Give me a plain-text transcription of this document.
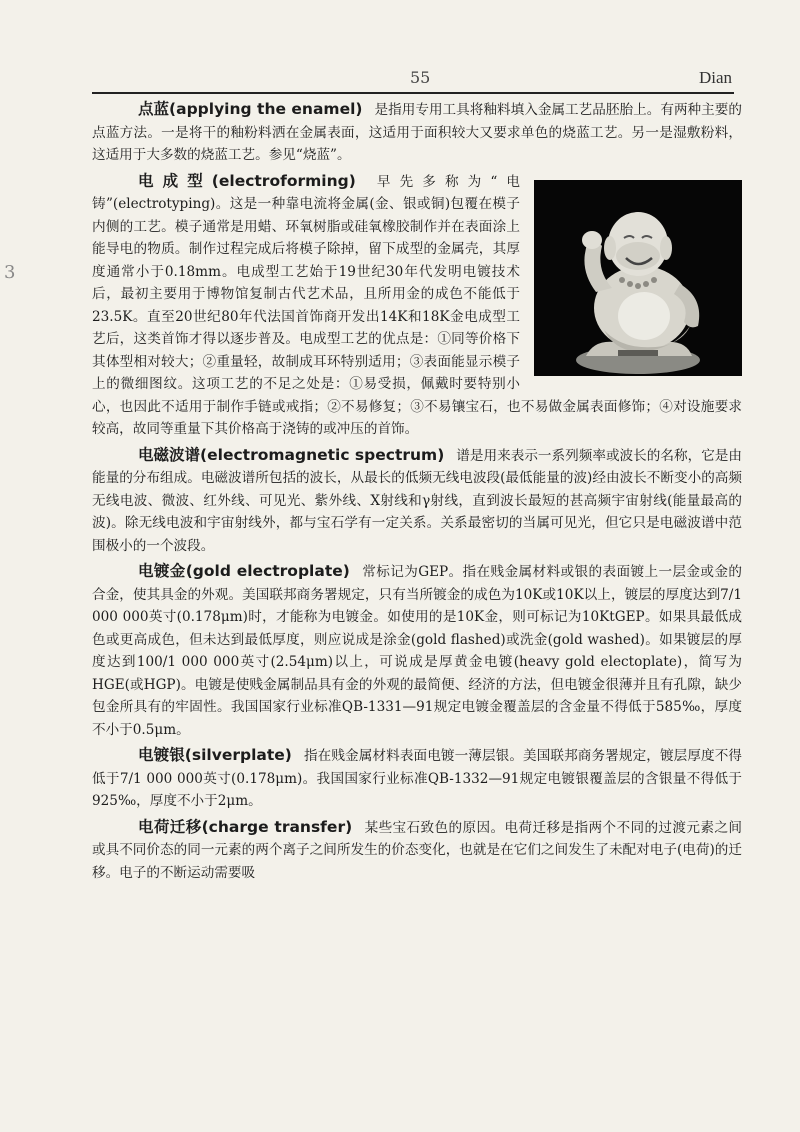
55	Dian
3

点蓝(applying the enamel) 是指用专用工具将釉料填入金属工艺品胚胎上。有两种主要的点蓝方法。一是将干的釉粉料洒在金属表面，这适用于面积较大又要求单色的烧蓝工艺。另一是湿敷粉料，这适用于大多数的烧蓝工艺。参见“烧蓝”。

电成型(electroforming) 早先多称为“电铸”(electrotyping)。这是一种靠电流将金属(金、银或铜)包覆在模子内侧的工艺。模子通常是用蜡、环氧树脂或硅氧橡胶制作并在表面涂上能导电的物质。制作过程完成后将模子除掉，留下成型的金属壳，其厚度通常小于0.18mm。电成型工艺始于19世纪30年代发明电镀技术后，最初主要用于博物馆复制古代艺术品，且所用金的成色不能低于23.5K。直至20世纪80年代法国首饰商开发出14K和18K金电成型工艺后，这类首饰才得以逐步普及。电成型工艺的优点是：①同等价格下其体型相对较大；②重量轻，故制成耳环特别适用；③表面能显示模子上的微细图纹。这项工艺的不足之处是：①易受损，佩戴时要特别小心，也因此不适用于制作手链或戒指；②不易修复；③不易镶宝石，也不易做金属表面修饰；④对设施要求较高，故同等重量下其价格高于浇铸的或冲压的首饰。

电磁波谱(electromagnetic spectrum) 谱是用来表示一系列频率或波长的名称，它是由能量的分布组成。电磁波谱所包括的波长，从最长的低频无线电波段(最低能量的波)经由波长不断变小的高频无线电波、微波、红外线、可见光、紫外线、X射线和γ射线，直到波长最短的甚高频宇宙射线(能量最高的波)。除无线电波和宇宙射线外，都与宝石学有一定关系。关系最密切的当属可见光，但它只是电磁波谱中范围极小的一个波段。

电镀金(gold electroplate) 常标记为GEP。指在贱金属材料或银的表面镀上一层金或金的合金，使其具金的外观。美国联邦商务署规定，只有当所镀金的成色为10K或10K以上，镀层的厚度达到7/1 000 000英寸(0.178μm)时，才能称为电镀金。如使用的是10K金，则可标记为10KtGEP。如果具最低成色或更高成色，但未达到最低厚度，则应说成是涂金(gold flashed)或洗金(gold washed)。如果镀层的厚度达到100/1 000 000英寸(2.54μm)以上，可说成是厚黄金电镀(heavy gold electoplate)，简写为HGE(或HGP)。电镀是使贱金属制品具有金的外观的最简便、经济的方法，但电镀金很薄并且有孔隙，缺少包金所具有的牢固性。我国国家行业标准QB-1331—91规定电镀金覆盖层的含金量不得低于585‰，厚度不小于0.5μm。

电镀银(silverplate) 指在贱金属材料表面电镀一薄层银。美国联邦商务署规定，镀层厚度不得低于7/1 000 000英寸(0.178μm)。我国国家行业标准QB-1332—91规定电镀银覆盖层的含银量不得低于925‰，厚度不小于2μm。

电荷迁移(charge transfer) 某些宝石致色的原因。电荷迁移是指两个不同的过渡元素之间或具不同价态的同一元素的两个离子之间所发生的价态变化，也就是在它们之间发生了未配对电子(电荷)的迁移。电子的不断运动需要吸
